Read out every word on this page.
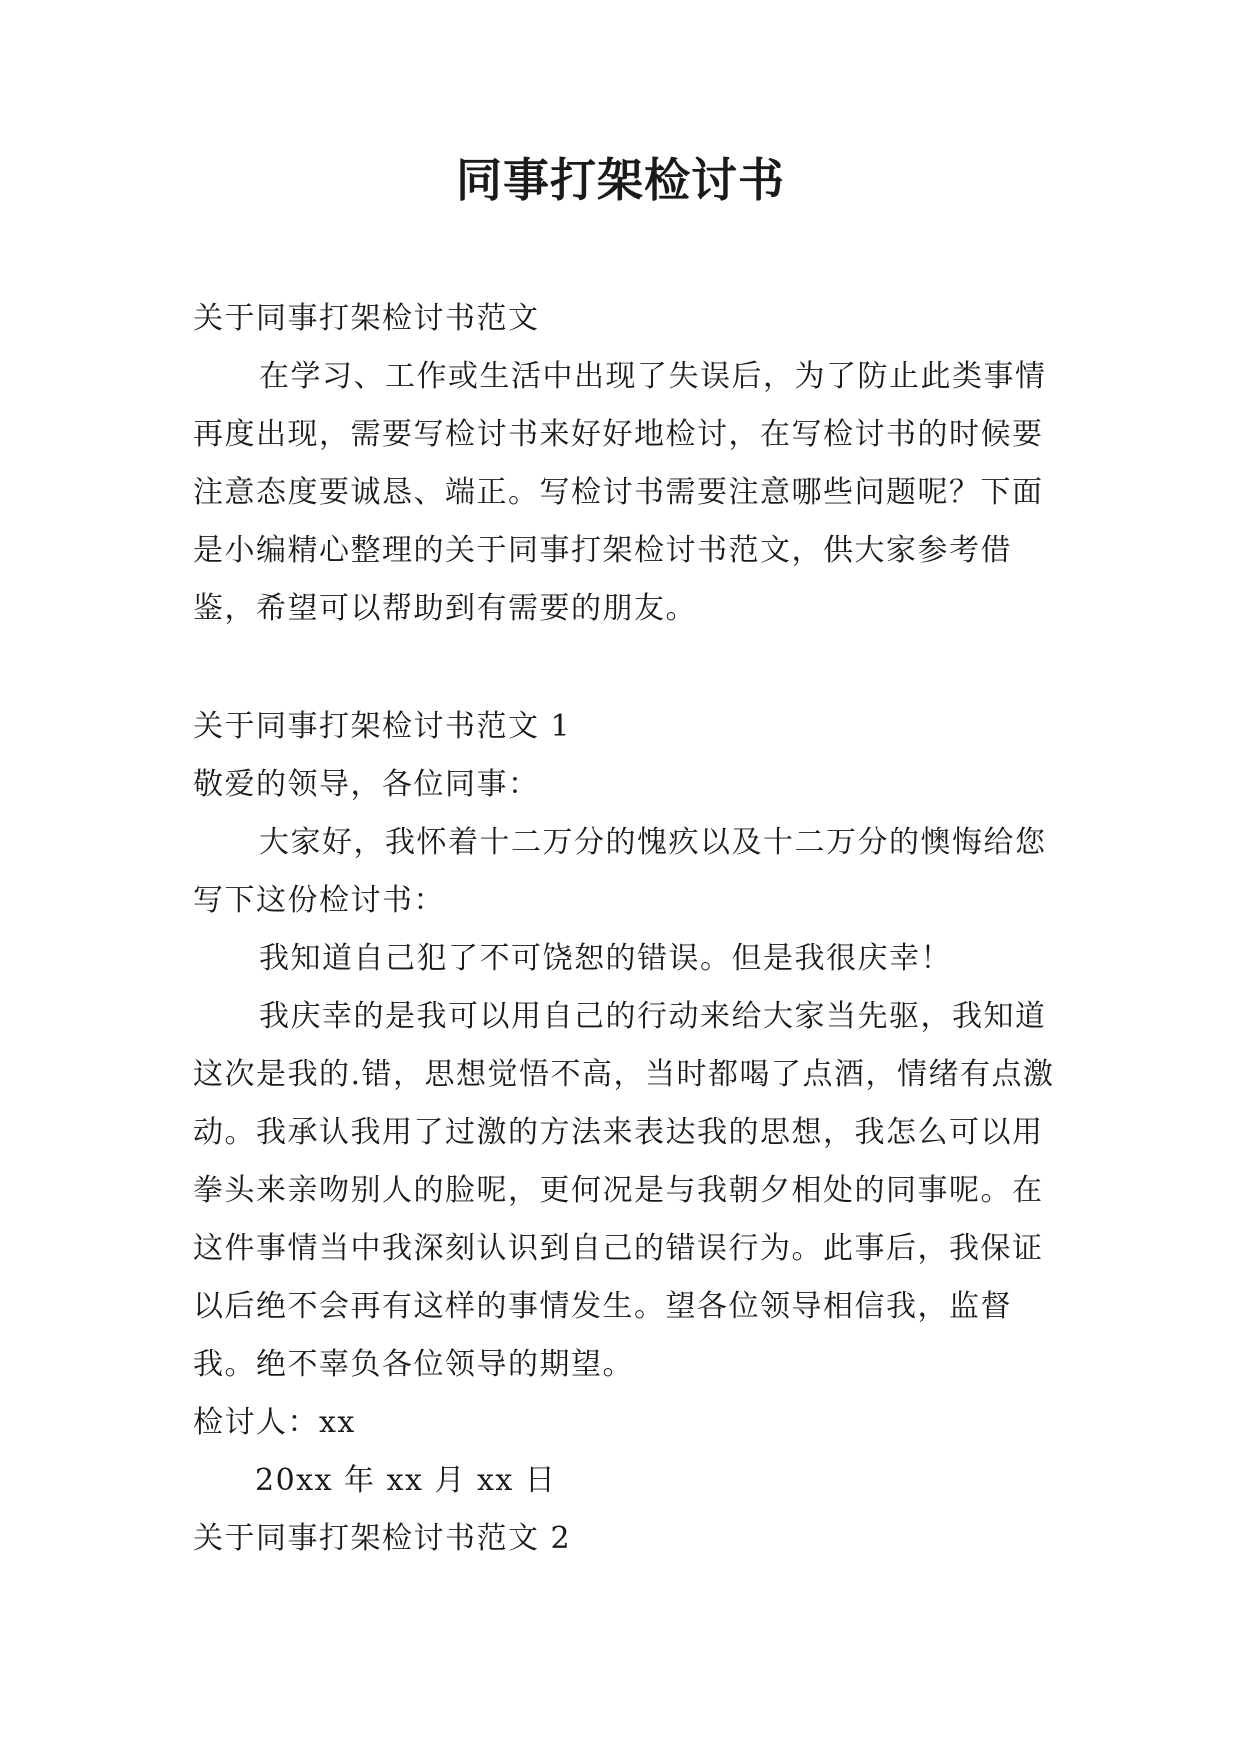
同事打架检讨书

关于同事打架检讨书范文

在学习、工作或生活中出现了失误后，为了防止此类事情再度出现，需要写检讨书来好好地检讨，在写检讨书的时候要注意态度要诚恳、端正。写检讨书需要注意哪些问题呢？下面是小编精心整理的关于同事打架检讨书范文，供大家参考借鉴，希望可以帮助到有需要的朋友。

关于同事打架检讨书范文 1

敬爱的领导，各位同事：

大家好，我怀着十二万分的愧疚以及十二万分的懊悔给您写下这份检讨书：

我知道自己犯了不可饶恕的错误。但是我很庆幸！

我庆幸的是我可以用自己的行动来给大家当先驱，我知道这次是我的.错，思想觉悟不高，当时都喝了点酒，情绪有点激动。我承认我用了过激的方法来表达我的思想，我怎么可以用拳头来亲吻别人的脸呢，更何况是与我朝夕相处的同事呢。在这件事情当中我深刻认识到自己的错误行为。此事后，我保证以后绝不会再有这样的事情发生。望各位领导相信我，监督我。绝不辜负各位领导的期望。

检讨人：xx

20xx 年 xx 月 xx 日

关于同事打架检讨书范文 2
